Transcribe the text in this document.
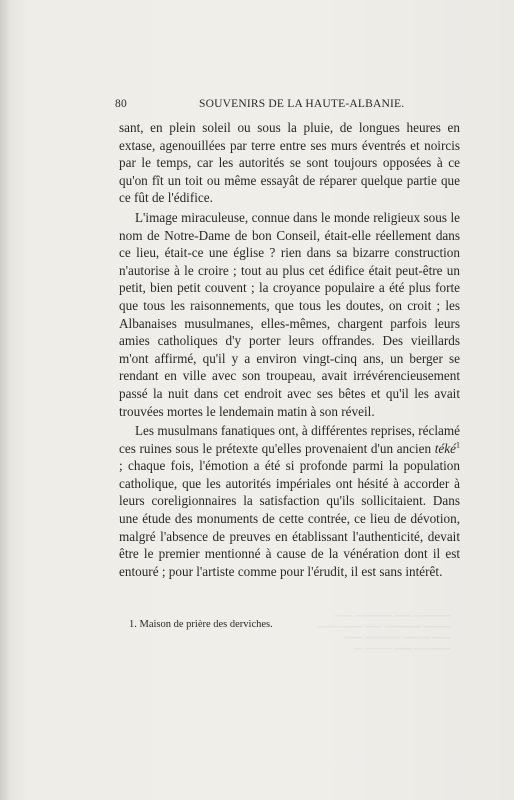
80	SOUVENIRS DE LA HAUTE-ALBANIE.

sant, en plein soleil ou sous la pluie, de longues heures en extase, agenouillées par terre entre ses murs éventrés et noircis par le temps, car les autorités se sont toujours opposées à ce qu'on fît un toit ou même essayât de réparer quelque partie que ce fût de l'édifice.

L'image miraculeuse, connue dans le monde religieux sous le nom de Notre-Dame de bon Conseil, était-elle réellement dans ce lieu, était-ce une église ? rien dans sa bizarre construction n'autorise à le croire ; tout au plus cet édifice était peut-être un petit, bien petit couvent ; la croyance populaire a été plus forte que tous les raisonnements, que tous les doutes, on croit ; les Albanaises musulmanes, elles-mêmes, chargent parfois leurs amies catholiques d'y porter leurs offrandes. Des vieillards m'ont affirmé, qu'il y a environ vingt-cinq ans, un berger se rendant en ville avec son troupeau, avait irrévérencieusement passé la nuit dans cet endroit avec ses bêtes et qu'il les avait trouvées mortes le lendemain matin à son réveil.

Les musulmans fanatiques ont, à différentes reprises, réclamé ces ruines sous le prétexte qu'elles provenaient d'un ancien téké$^1$ ; chaque fois, l'émotion a été si profonde parmi la population catholique, que les autorités impériales ont hésité à accorder à leurs coreligionnaires la satisfaction qu'ils sollicitaient. Dans une étude des monuments de cette contrée, ce lieu de dévotion, malgré l'absence de preuves en établissant l'authenticité, devait être le premier mentionné à cause de la vénération dont il est entouré ; pour l'artiste comme pour l'érudit, il est sans intérêt.

1. Maison de prière des derviches.
———— —— ———— ——
——— ———— —— —————
—— ——— ———— ——
———— —— ——— —
